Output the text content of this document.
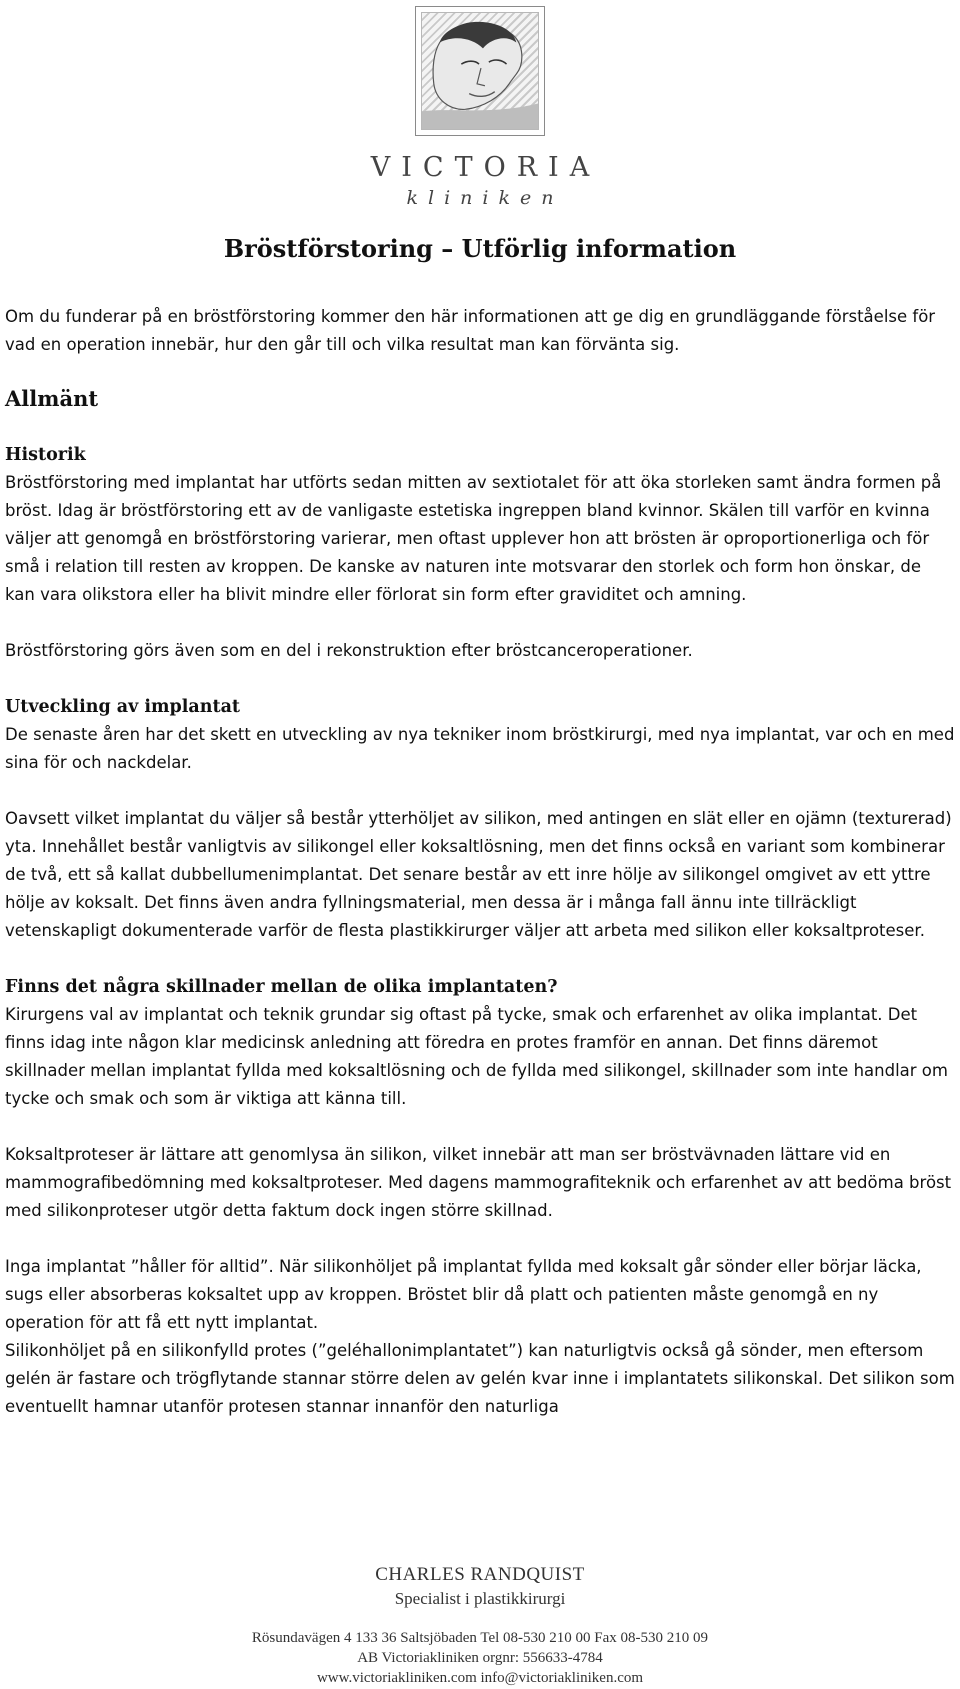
VICTORIA
kliniken
Bröstförstoring – Utförlig information

Om du funderar på en bröstförstoring kommer den här informationen att ge dig en grundläggande förståelse för vad en operation innebär, hur den går till och vilka resultat man kan förvänta sig.

Allmänt
Historik

Bröstförstoring med implantat har utförts sedan mitten av sextiotalet för att öka storleken samt ändra formen på bröst. Idag är bröstförstoring ett av de vanligaste estetiska ingreppen bland kvinnor. Skälen till varför en kvinna väljer att genomgå en bröstförstoring varierar, men oftast upplever hon att brösten är oproportionerliga och för små i relation till resten av kroppen. De kanske av naturen inte motsvarar den storlek och form hon önskar, de kan vara olikstora eller ha blivit mindre eller förlorat sin form efter graviditet och amning.

Bröstförstoring görs även som en del i rekonstruktion efter bröstcanceroperationer.

Utveckling av implantat

De senaste åren har det skett en utveckling av nya tekniker inom bröstkirurgi, med nya implantat, var och en med sina för och nackdelar.

Oavsett vilket implantat du väljer så består ytterhöljet av silikon, med antingen en slät eller en ojämn (texturerad) yta. Innehållet består vanligtvis av silikongel eller koksaltlösning, men det finns också en variant som kombinerar de två, ett så kallat dubbellumenimplantat. Det senare består av ett inre hölje av silikongel omgivet av ett yttre hölje av koksalt. Det finns även andra fyllningsmaterial, men dessa är i många fall ännu inte tillräckligt vetenskapligt dokumenterade varför de flesta plastikkirurger väljer att arbeta med silikon eller koksaltproteser.

Finns det några skillnader mellan de olika implantaten?

Kirurgens val av implantat och teknik grundar sig oftast på tycke, smak och erfarenhet av olika implantat. Det finns idag inte någon klar medicinsk anledning att föredra en protes framför en annan. Det finns däremot skillnader mellan implantat fyllda med koksaltlösning och de fyllda med silikongel, skillnader som inte handlar om tycke och smak och som är viktiga att känna till.

Koksaltproteser är lättare att genomlysa än silikon, vilket innebär att man ser bröstvävnaden lättare vid en mammografibedömning med koksaltproteser. Med dagens mammografiteknik och erfarenhet av att bedöma bröst med silikonproteser utgör detta faktum dock ingen större skillnad.

Inga implantat ”håller för alltid”. När silikonhöljet på implantat fyllda med koksalt går sönder eller börjar läcka, sugs eller absorberas koksaltet upp av kroppen. Bröstet blir då platt och patienten måste genomgå en ny operation för att få ett nytt implantat.

Silikonhöljet på en silikonfylld protes (”geléhallonimplantatet”) kan naturligtvis också gå sönder, men eftersom gelén är fastare och trögflytande stannar större delen av gelén kvar inne i implantatets silikonskal. Det silikon som eventuellt hamnar utanför protesen stannar innanför den naturliga

CHARLES RANDQUIST
Specialist i plastikkirurgi
Rösundavägen 4 133 36 Saltsjöbaden Tel 08-530 210 00 Fax 08-530 210 09
AB Victoriakliniken orgnr: 556633-4784
www.victoriakliniken.com info@victoriakliniken.com
